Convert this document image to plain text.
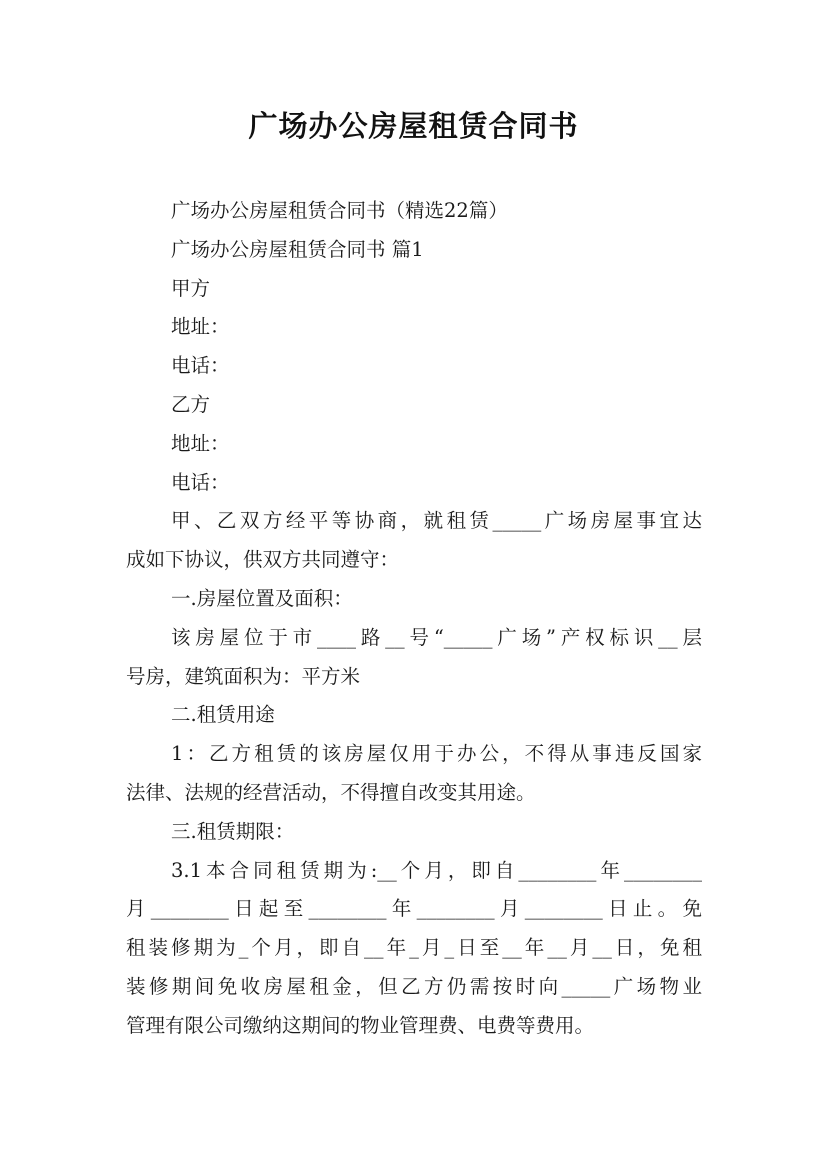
广场办公房屋租赁合同书
广场办公房屋租赁合同书（精选22篇）
广场办公房屋租赁合同书 篇1
甲方
地址：
电话：
乙方
地址：
电话：
甲、乙双方经平等协商，就租赁_____广场房屋事宜达
成如下协议，供双方共同遵守：
一.房屋位置及面积：
该房屋位于市____路__号“_____广场”产权标识__层
号房，建筑面积为：平方米
二.租赁用途
1：乙方租赁的该房屋仅用于办公，不得从事违反国家
法律、法规的经营活动，不得擅自改变其用途。
三.租赁期限：
3.1本合同租赁期为:__个月，即自________年________
月________日起至________年________月________日止。免
租装修期为_个月，即自__年_月_日至__年__月__日，免租
装修期间免收房屋租金，但乙方仍需按时向_____广场物业
管理有限公司缴纳这期间的物业管理费、电费等费用。
